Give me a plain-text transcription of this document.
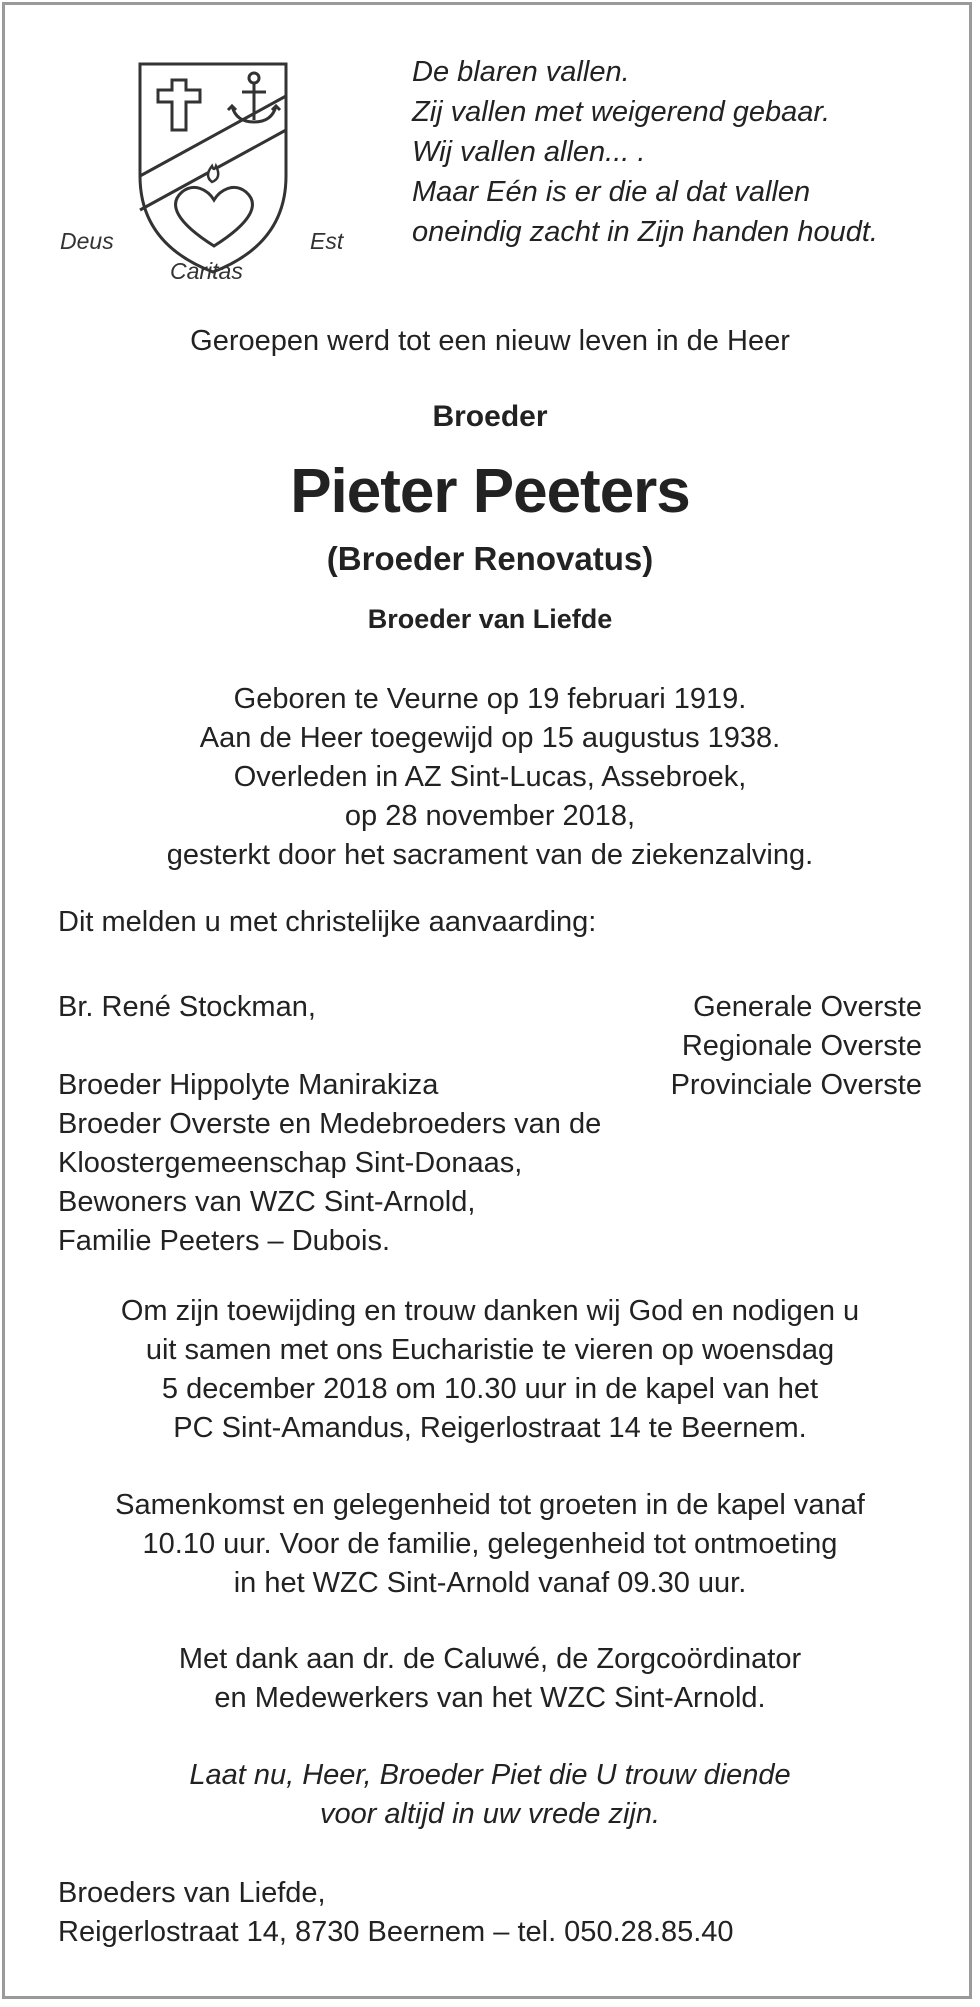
Deus	Est
Caritas
De blaren vallen.
Zij vallen met weigerend gebaar.
Wij vallen allen... .
Maar Eén is er die al dat vallen
oneindig zacht in Zijn handen houdt.
Geroepen werd tot een nieuw leven in de Heer
Broeder
Pieter Peeters
(Broeder Renovatus)
Broeder van Liefde
Geboren te Veurne op 19 februari 1919.
Aan de Heer toegewijd op 15 augustus 1938.
Overleden in AZ Sint-Lucas, Assebroek,
op 28 november 2018,
gesterkt door het sacrament van de ziekenzalving.
Dit melden u met christelijke aanvaarding:
Br. René Stockman,

Broeder Hippolyte Manirakiza
Broeder Overste en Medebroeders van de
Kloostergemeenschap Sint-Donaas,
Bewoners van WZC Sint-Arnold,
Familie Peeters – Dubois.
Generale Overste
Regionale Overste
Provinciale Overste
Om zijn toewijding en trouw danken wij God en nodigen u
uit samen met ons Eucharistie te vieren op woensdag
5 december 2018 om 10.30 uur in de kapel van het
PC Sint-Amandus, Reigerlostraat 14 te Beernem.
Samenkomst en gelegenheid tot groeten in de kapel vanaf
10.10 uur. Voor de familie, gelegenheid tot ontmoeting
in het WZC Sint-Arnold vanaf 09.30 uur.
Met dank aan dr. de Caluwé, de Zorgcoördinator
en Medewerkers van het WZC Sint-Arnold.
Laat nu, Heer, Broeder Piet die U trouw diende
voor altijd in uw vrede zijn.
Broeders van Liefde,
Reigerlostraat 14, 8730 Beernem – tel. 050.28.85.40
